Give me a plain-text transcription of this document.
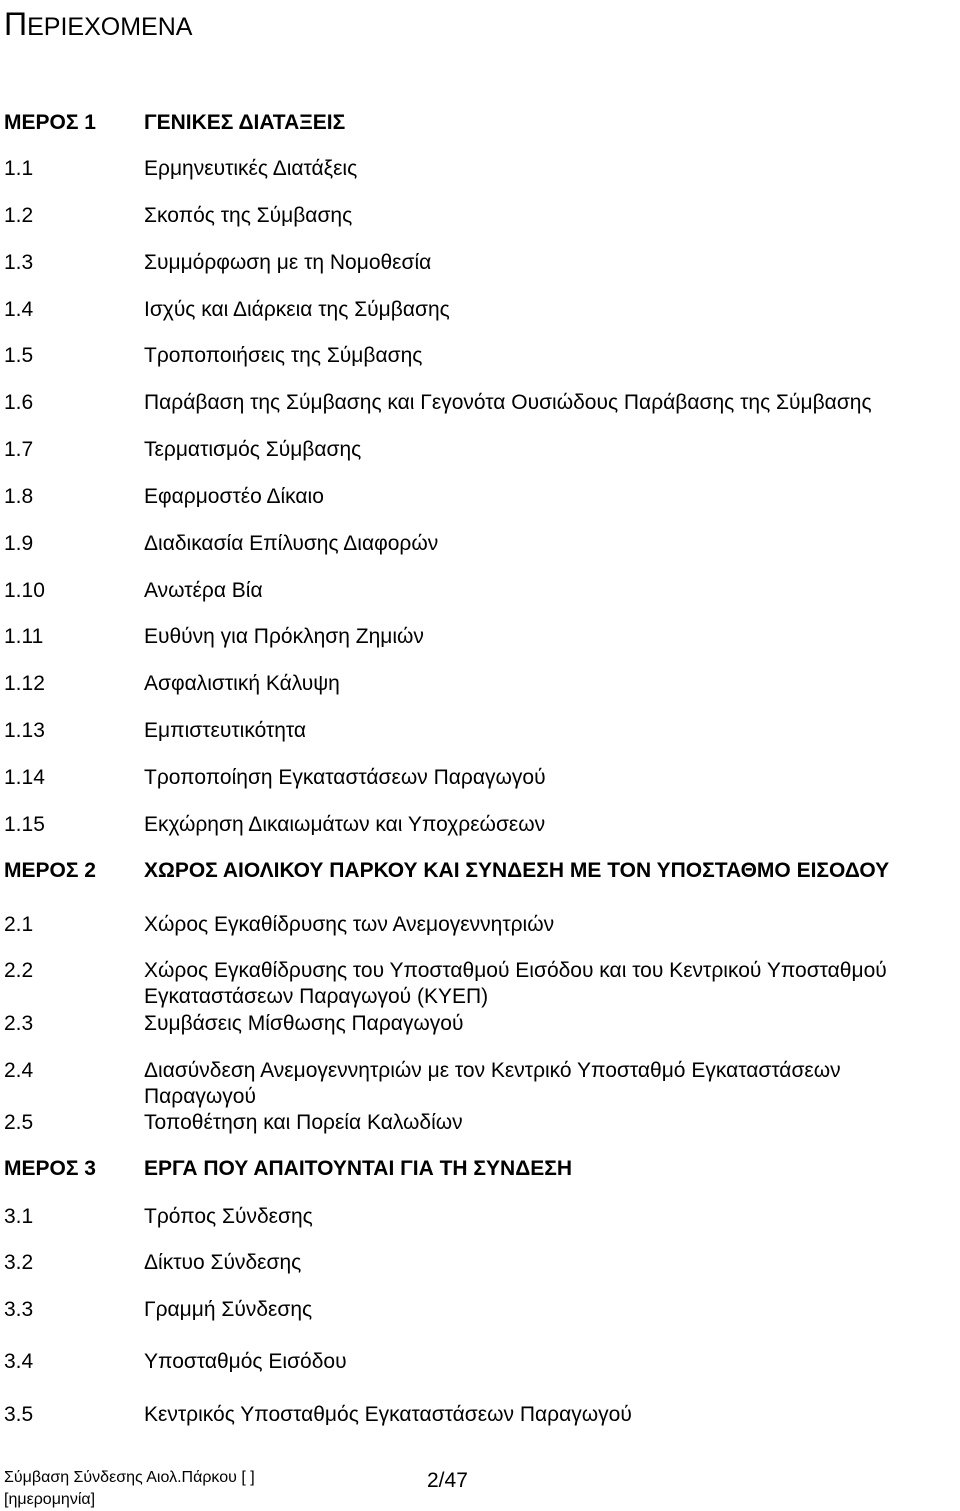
ΠΕΡΙΕΧΟΜΕΝΑ
ΜΕΡΟΣ 1 ΓΕΝΙΚΕΣ ΔΙΑΤΑΞΕΙΣ
1.1	Ερμηνευτικές Διατάξεις
1.2	Σκοπός της Σύμβασης
1.3	Συμμόρφωση με τη Νομοθεσία
1.4	Ισχύς και Διάρκεια της Σύμβασης
1.5	Τροποποιήσεις της Σύμβασης
1.6	Παράβαση της Σύμβασης και Γεγονότα Ουσιώδους Παράβασης της Σύμβασης
1.7	Τερματισμός Σύμβασης
1.8	Εφαρμοστέο Δίκαιο
1.9	Διαδικασία Επίλυσης Διαφορών
1.10	Ανωτέρα Βία
1.11	Ευθύνη για Πρόκληση Ζημιών
1.12	Ασφαλιστική Κάλυψη
1.13	Εμπιστευτικότητα
1.14	Τροποποίηση Εγκαταστάσεων Παραγωγού
1.15	Εκχώρηση Δικαιωμάτων και Υποχρεώσεων
ΜΕΡΟΣ 2 ΧΩΡΟΣ ΑΙΟΛΙΚΟΥ ΠΑΡΚΟΥ ΚΑΙ ΣΥΝΔΕΣΗ ΜΕ ΤΟΝ ΥΠΟΣΤΑΘΜΟ ΕΙΣΟΔΟΥ
2.1	Χώρος Εγκαθίδρυσης των Ανεμογεννητριών
2.2	Χώρος Εγκαθίδρυσης του Υποσταθμού Εισόδου και του Κεντρικού Υποσταθμού Εγκαταστάσεων Παραγωγού (ΚΥΕΠ)
2.3	Συμβάσεις Μίσθωσης Παραγωγού
2.4	Διασύνδεση Ανεμογεννητριών με τον Κεντρικό Υποσταθμό Εγκαταστάσεων Παραγωγού
2.5	Τοποθέτηση και Πορεία Καλωδίων
ΜΕΡΟΣ 3 ΕΡΓΑ ΠΟΥ ΑΠΑΙΤΟΥΝΤΑΙ ΓΙΑ ΤΗ ΣΥΝΔΕΣΗ
3.1	Τρόπος Σύνδεσης
3.2	Δίκτυο Σύνδεσης
3.3	Γραμμή Σύνδεσης
3.4	Υποσταθμός Εισόδου
3.5	Κεντρικός Υποσταθμός Εγκαταστάσεων Παραγωγού
Σύμβαση Σύνδεσης Αιολ.Πάρκου [ ]
[ημερομηνία]
2/47
